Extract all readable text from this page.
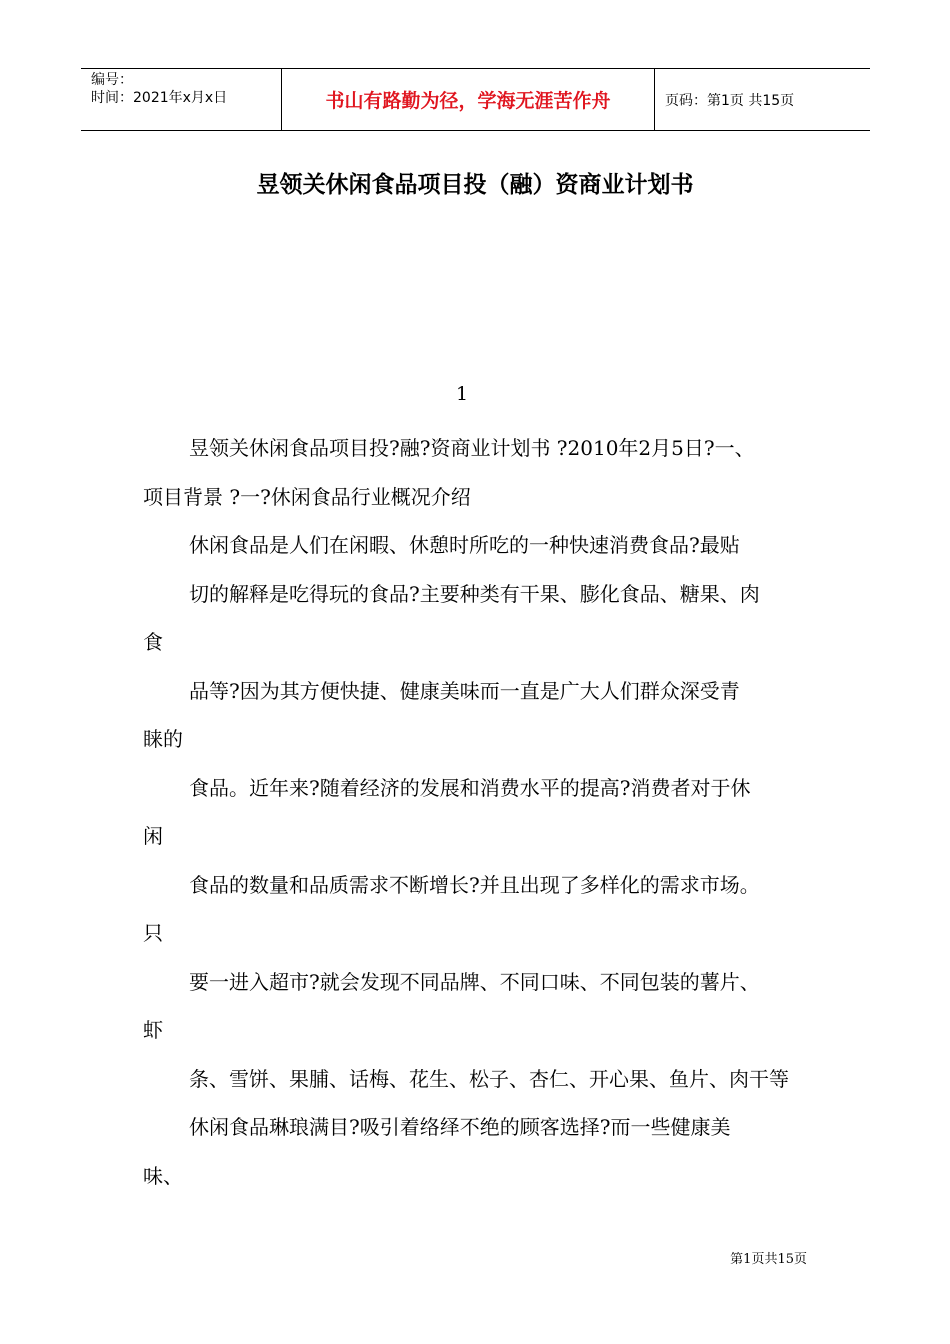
编号：
时间：2021年x月x日	书山有路勤为径，学海无涯苦作舟	页码：第1页 共15页
昱领关休闲食品项目投（融）资商业计划书
1

昱领关休闲食品项目投?融?资商业计划书 ?2010年2月5日?一、

项目背景 ?一?休闲食品行业概况介绍

休闲食品是人们在闲暇、休憩时所吃的一种快速消费食品?最贴

切的解释是吃得玩的食品?主要种类有干果、膨化食品、糖果、肉

食

品等?因为其方便快捷、健康美味而一直是广大人们群众深受青

睐的

食品。近年来?随着经济的发展和消费水平的提高?消费者对于休

闲

食品的数量和品质需求不断增长?并且出现了多样化的需求市场。

只

要一进入超市?就会发现不同品牌、不同口味、不同包装的薯片、

虾

条、雪饼、果脯、话梅、花生、松子、杏仁、开心果、鱼片、肉干等

休闲食品琳琅满目?吸引着络绎不绝的顾客选择?而一些健康美

味、

第1页共15页
